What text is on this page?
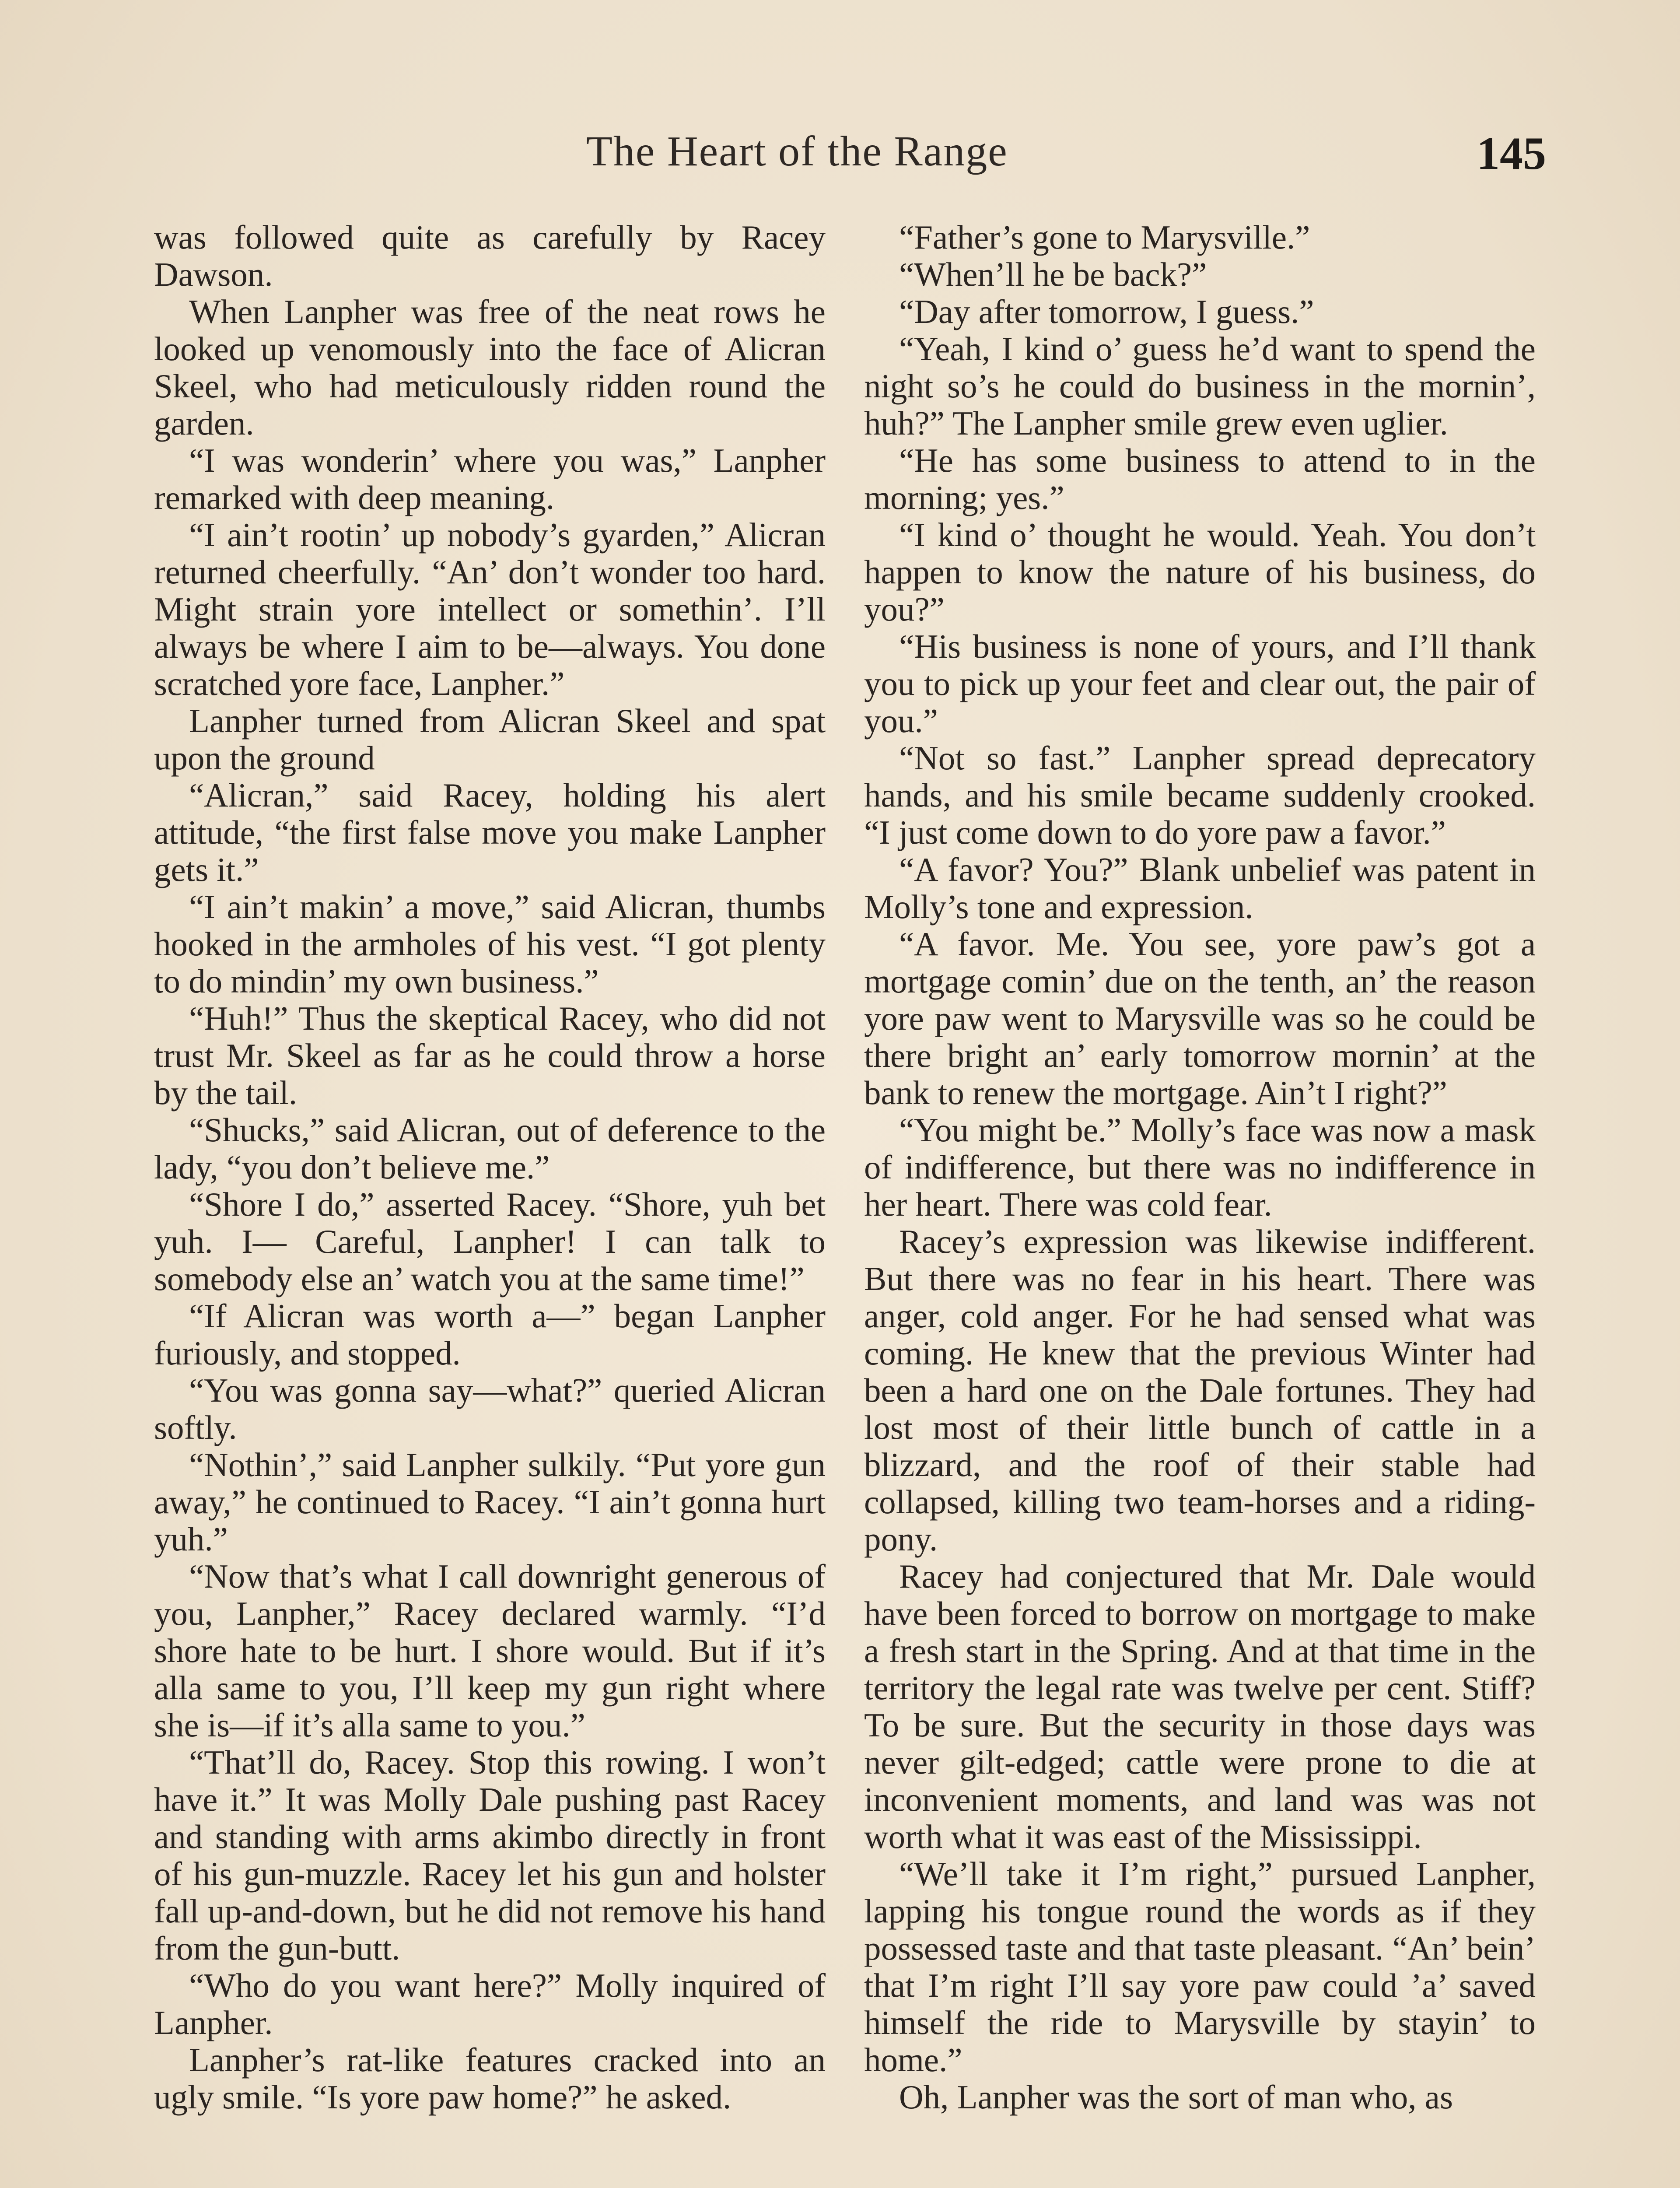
The Heart of the Range	145

was followed quite as carefully by Racey Dawson.

When Lanpher was free of the neat rows he looked up venomously into the face of Alicran Skeel, who had meticulously ridden round the garden.

“I was wonderin’ where you was,” Lanpher remarked with deep meaning.

“I ain’t rootin’ up nobody’s gyarden,” Alicran returned cheerfully. “An’ don’t wonder too hard. Might strain yore intellect or somethin’. I’ll always be where I aim to be—always. You done scratched yore face, Lanpher.”

Lanpher turned from Alicran Skeel and spat upon the ground

“Alicran,” said Racey, holding his alert attitude, “the first false move you make Lanpher gets it.”

“I ain’t makin’ a move,” said Alicran, thumbs hooked in the armholes of his vest. “I got plenty to do mindin’ my own business.”

“Huh!” Thus the skeptical Racey, who did not trust Mr. Skeel as far as he could throw a horse by the tail.

“Shucks,” said Alicran, out of deference to the lady, “you don’t believe me.”

“Shore I do,” asserted Racey. “Shore, yuh bet yuh. I— Careful, Lanpher! I can talk to somebody else an’ watch you at the same time!”

“If Alicran was worth a—” began Lanpher furiously, and stopped.

“You was gonna say—what?” queried Alicran softly.

“Nothin’,” said Lanpher sulkily. “Put yore gun away,” he continued to Racey. “I ain’t gonna hurt yuh.”

“Now that’s what I call downright generous of you, Lanpher,” Racey declared warmly. “I’d shore hate to be hurt. I shore would. But if it’s alla same to you, I’ll keep my gun right where she is—if it’s alla same to you.”

“That’ll do, Racey. Stop this rowing. I won’t have it.” It was Molly Dale pushing past Racey and standing with arms akimbo directly in front of his gun-muzzle. Racey let his gun and holster fall up-and-down, but he did not remove his hand from the gun-butt.

“Who do you want here?” Molly inquired of Lanpher.

Lanpher’s rat-like features cracked into an ugly smile. “Is yore paw home?” he asked.

“Father’s gone to Marysville.”

“When’ll he be back?”

“Day after tomorrow, I guess.”

“Yeah, I kind o’ guess he’d want to spend the night so’s he could do business in the mornin’, huh?” The Lanpher smile grew even uglier.

“He has some business to attend to in the morning; yes.”

“I kind o’ thought he would. Yeah. You don’t happen to know the nature of his business, do you?”

“His business is none of yours, and I’ll thank you to pick up your feet and clear out, the pair of you.”

“Not so fast.” Lanpher spread deprecatory hands, and his smile became suddenly crooked. “I just come down to do yore paw a favor.”

“A favor? You?” Blank unbelief was patent in Molly’s tone and expression.

“A favor. Me. You see, yore paw’s got a mortgage comin’ due on the tenth, an’ the reason yore paw went to Marysville was so he could be there bright an’ early tomorrow mornin’ at the bank to renew the mortgage. Ain’t I right?”

“You might be.” Molly’s face was now a mask of indifference, but there was no indifference in her heart. There was cold fear.

Racey’s expression was likewise indifferent. But there was no fear in his heart. There was anger, cold anger. For he had sensed what was coming. He knew that the previous Winter had been a hard one on the Dale fortunes. They had lost most of their little bunch of cattle in a blizzard, and the roof of their stable had collapsed, killing two team-horses and a riding-pony.

Racey had conjectured that Mr. Dale would have been forced to borrow on mortgage to make a fresh start in the Spring. And at that time in the territory the legal rate was twelve per cent. Stiff? To be sure. But the security in those days was never gilt-edged; cattle were prone to die at inconvenient moments, and land was was not worth what it was east of the Mississippi.

“We’ll take it I’m right,” pursued Lanpher, lapping his tongue round the words as if they possessed taste and that taste pleasant. “An’ bein’ that I’m right I’ll say yore paw could ’a’ saved himself the ride to Marysville by stayin’ to home.”

Oh, Lanpher was the sort of man who, as
